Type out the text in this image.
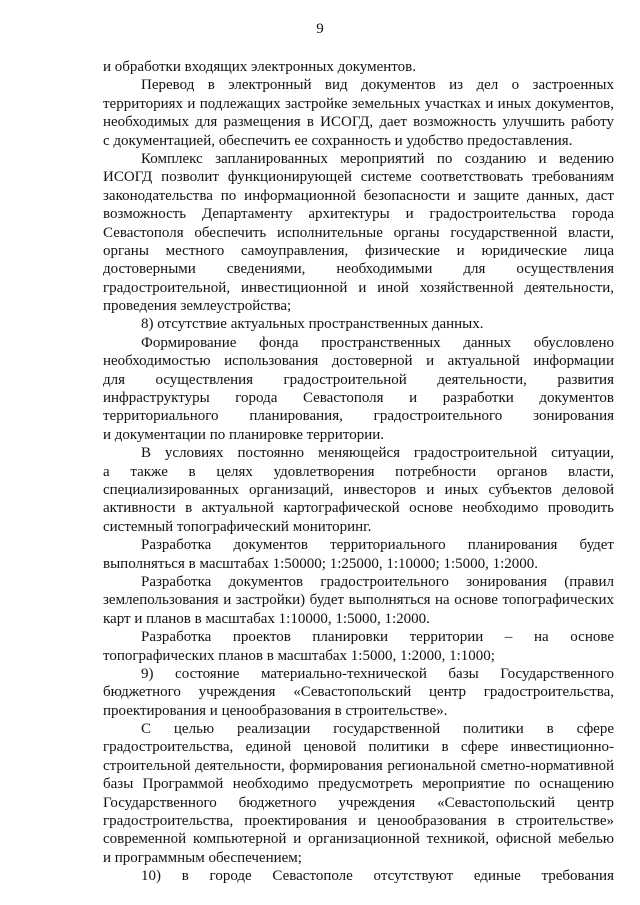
9
и обработки входящих электронных документов.
Перевод в электронный вид документов из дел о застроенных
территориях и подлежащих застройке земельных участках и иных документов,
необходимых для размещения в ИСОГД, дает возможность улучшить работу
с документацией, обеспечить ее сохранность и удобство предоставления.
Комплекс запланированных мероприятий по созданию и ведению
ИСОГД позволит функционирующей системе соответствовать требованиям
законодательства по информационной безопасности и защите данных, даст
возможность Департаменту архитектуры и градостроительства города
Севастополя обеспечить исполнительные органы государственной власти,
органы местного самоуправления, физические и юридические лица
достоверными сведениями, необходимыми для осуществления
градостроительной, инвестиционной и иной хозяйственной деятельности,
проведения землеустройства;
8) отсутствие актуальных пространственных данных.
Формирование фонда пространственных данных обусловлено
необходимостью использования достоверной и актуальной информации
для осуществления градостроительной деятельности, развития
инфраструктуры города Севастополя и разработки документов
территориального планирования, градостроительного зонирования
и документации по планировке территории.
В условиях постоянно меняющейся градостроительной ситуации,
а также в целях удовлетворения потребности органов власти,
специализированных организаций, инвесторов и иных субъектов деловой
активности в актуальной картографической основе необходимо проводить
системный топографический мониторинг.
Разработка документов территориального планирования будет
выполняться в масштабах 1:50000; 1:25000, 1:10000; 1:5000, 1:2000.
Разработка документов градостроительного зонирования (правил
землепользования и застройки) будет выполняться на основе топографических
карт и планов в масштабах 1:10000, 1:5000, 1:2000.
Разработка проектов планировки территории – на основе
топографических планов в масштабах 1:5000, 1:2000, 1:1000;
9) состояние материально-технической базы Государственного
бюджетного учреждения «Севастопольский центр градостроительства,
проектирования и ценообразования в строительстве».
С целью реализации государственной политики в сфере
градостроительства, единой ценовой политики в сфере инвестиционно-
строительной деятельности, формирования региональной сметно-нормативной
базы Программой необходимо предусмотреть мероприятие по оснащению
Государственного бюджетного учреждения «Севастопольский центр
градостроительства, проектирования и ценообразования в строительстве»
современной компьютерной и организационной техникой, офисной мебелью
и программным обеспечением;
10) в городе Севастополе отсутствуют единые требования
